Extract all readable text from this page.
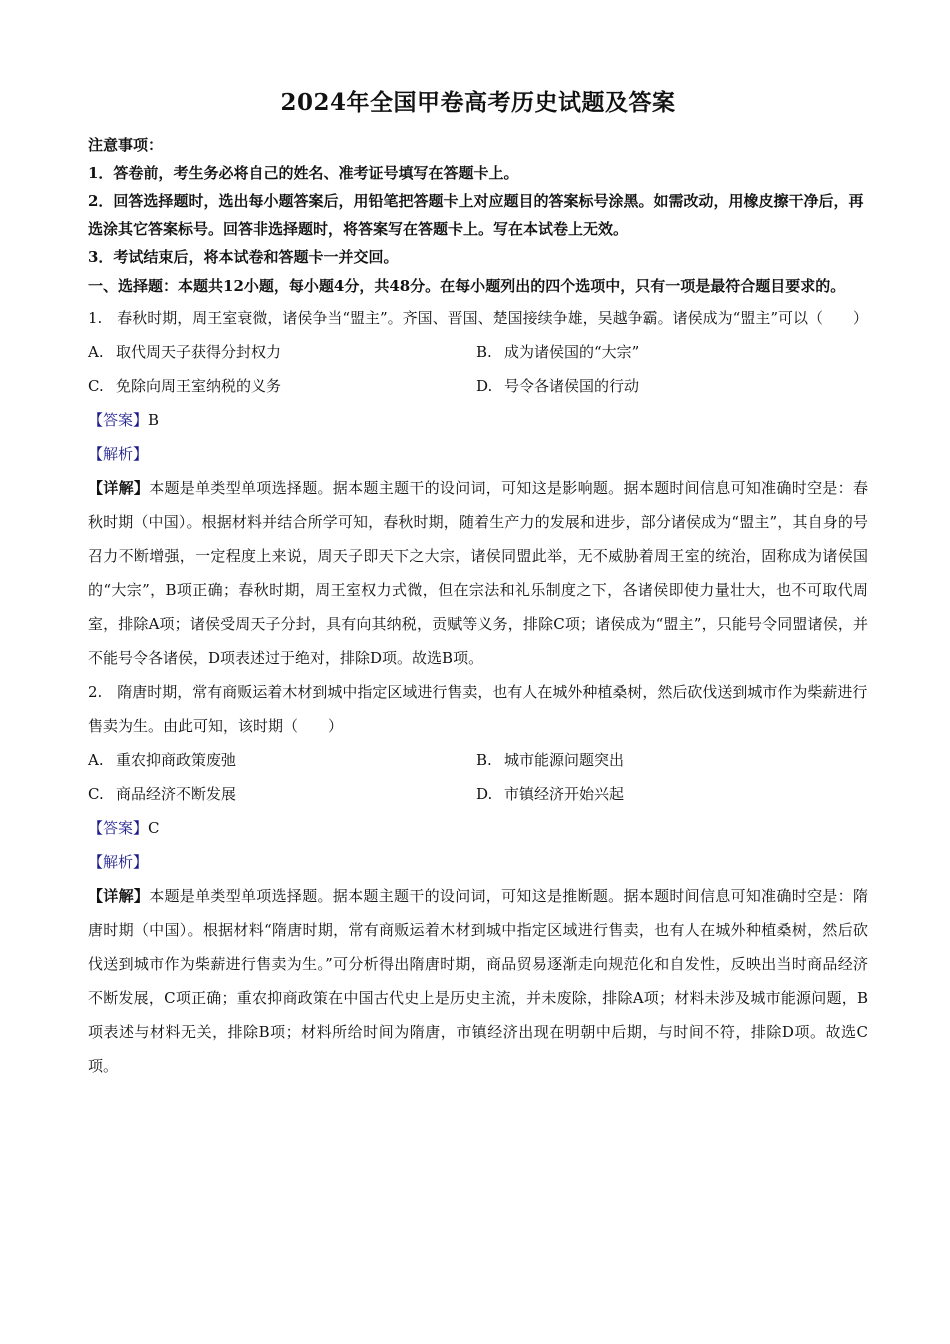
2024年全国甲卷高考历史试题及答案

注意事项：

1．答卷前，考生务必将自己的姓名、准考证号填写在答题卡上。

2．回答选择题时，选出每小题答案后，用铅笔把答题卡上对应题目的答案标号涂黑。如需改动，用橡皮擦干净后，再选涂其它答案标号。回答非选择题时，将答案写在答题卡上。写在本试卷上无效。

3．考试结束后，将本试卷和答题卡一并交回。

一、选择题：本题共12小题，每小题4分，共48分。在每小题列出的四个选项中，只有一项是最符合题目要求的。

1.　春秋时期，周王室衰微，诸侯争当“盟主”。齐国、晋国、楚国接续争雄，吴越争霸。诸侯成为“盟主”可以（　　）

A. 取代周天子获得分封权力	B. 成为诸侯国的“大宗”
C. 免除向周王室纳税的义务	D. 号令各诸侯国的行动

【答案】B

【解析】

【详解】本题是单类型单项选择题。据本题主题干的设问词，可知这是影响题。据本题时间信息可知准确时空是：春秋时期（中国）。根据材料并结合所学可知，春秋时期，随着生产力的发展和进步，部分诸侯成为“盟主”，其自身的号召力不断增强，一定程度上来说，周天子即天下之大宗，诸侯同盟此举，无不威胁着周王室的统治，固称成为诸侯国的“大宗”，B项正确；春秋时期，周王室权力式微，但在宗法和礼乐制度之下，各诸侯即使力量壮大，也不可取代周室，排除A项；诸侯受周天子分封，具有向其纳税，贡赋等义务，排除C项；诸侯成为“盟主”，只能号令同盟诸侯，并不能号令各诸侯，D项表述过于绝对，排除D项。故选B项。

2.　隋唐时期，常有商贩运着木材到城中指定区域进行售卖，也有人在城外种植桑树，然后砍伐送到城市作为柴薪进行售卖为生。由此可知，该时期（　　）

A. 重农抑商政策废弛	B. 城市能源问题突出
C. 商品经济不断发展	D. 市镇经济开始兴起

【答案】C

【解析】

【详解】本题是单类型单项选择题。据本题主题干的设问词，可知这是推断题。据本题时间信息可知准确时空是：隋唐时期（中国）。根据材料“隋唐时期，常有商贩运着木材到城中指定区域进行售卖，也有人在城外种植桑树，然后砍伐送到城市作为柴薪进行售卖为生。”可分析得出隋唐时期，商品贸易逐渐走向规范化和自发性，反映出当时商品经济不断发展，C项正确；重农抑商政策在中国古代史上是历史主流，并未废除，排除A项；材料未涉及城市能源问题，B项表述与材料无关，排除B项；材料所给时间为隋唐，市镇经济出现在明朝中后期，与时间不符，排除D项。故选C项。
